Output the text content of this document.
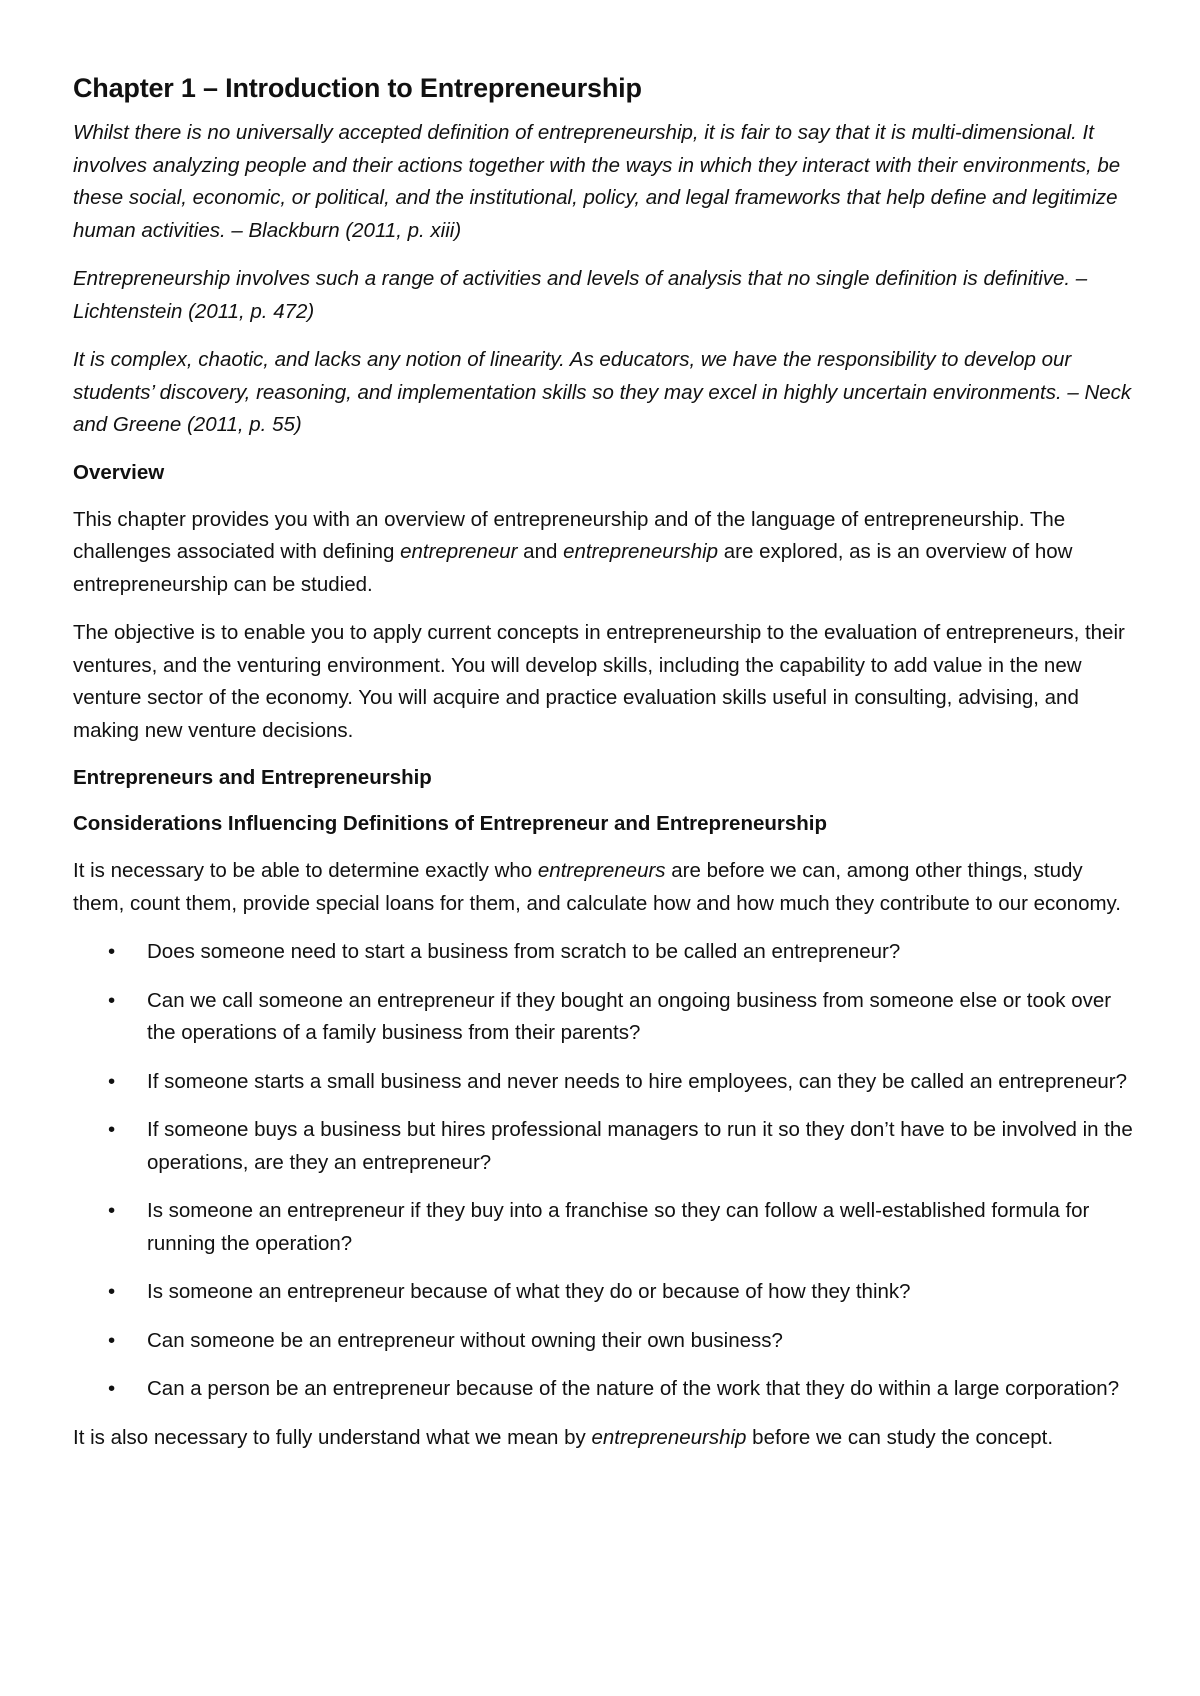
Chapter 1 – Introduction to Entrepreneurship

Whilst there is no universally accepted definition of entrepreneurship, it is fair to say that it is multi-dimensional. It involves analyzing people and their actions together with the ways in which they interact with their environments, be these social, economic, or political, and the institutional, policy, and legal frameworks that help define and legitimize human activities. – Blackburn (2011, p. xiii)

Entrepreneurship involves such a range of activities and levels of analysis that no single definition is definitive. – Lichtenstein (2011, p. 472)

It is complex, chaotic, and lacks any notion of linearity. As educators, we have the responsibility to develop our students’ discovery, reasoning, and implementation skills so they may excel in highly uncertain environments. – Neck and Greene (2011, p. 55)

Overview

This chapter provides you with an overview of entrepreneurship and of the language of entrepreneurship. The challenges associated with defining entrepreneur and entrepreneurship are explored, as is an overview of how entrepreneurship can be studied.

The objective is to enable you to apply current concepts in entrepreneurship to the evaluation of entrepreneurs, their ventures, and the venturing environment. You will develop skills, including the capability to add value in the new venture sector of the economy. You will acquire and practice evaluation skills useful in consulting, advising, and making new venture decisions.

Entrepreneurs and Entrepreneurship
Considerations Influencing Definitions of Entrepreneur and Entrepreneurship

It is necessary to be able to determine exactly who entrepreneurs are before we can, among other things, study them, count them, provide special loans for them, and calculate how and how much they contribute to our economy.

•	Does someone need to start a business from scratch to be called an entrepreneur?
•	Can we call someone an entrepreneur if they bought an ongoing business from someone else or took over the operations of a family business from their parents?
•	If someone starts a small business and never needs to hire employees, can they be called an entrepreneur?
•	If someone buys a business but hires professional managers to run it so they don’t have to be involved in the operations, are they an entrepreneur?
•	Is someone an entrepreneur if they buy into a franchise so they can follow a well-established formula for running the operation?
•	Is someone an entrepreneur because of what they do or because of how they think?
•	Can someone be an entrepreneur without owning their own business?
•	Can a person be an entrepreneur because of the nature of the work that they do within a large corporation?

It is also necessary to fully understand what we mean by entrepreneurship before we can study the concept.
